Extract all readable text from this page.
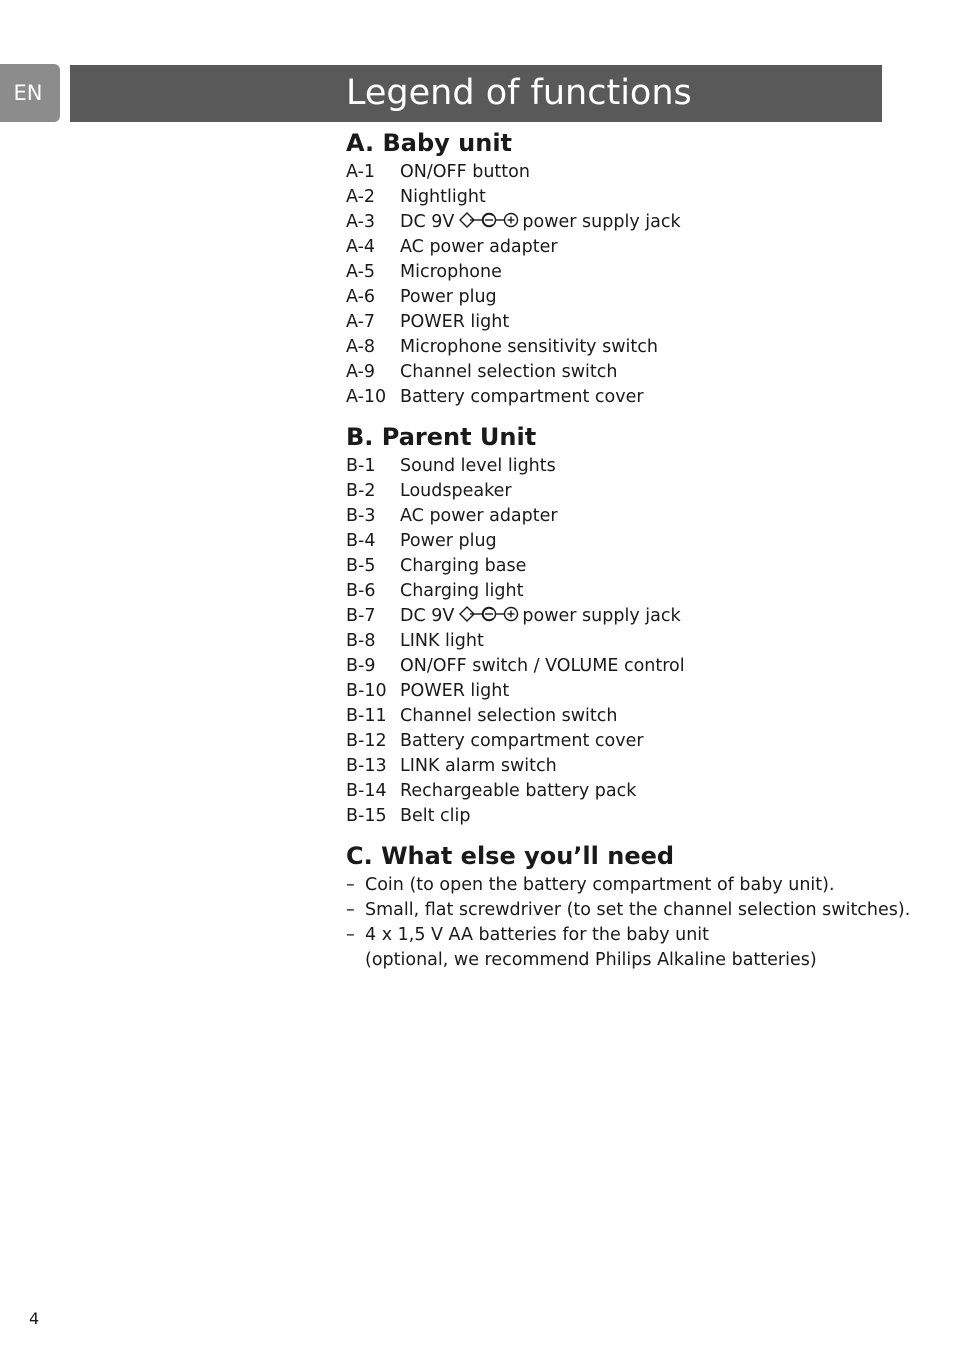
EN	Legend of functions
A. Baby unit
A-1 ON/OFF button
A-2 Nightlight
A-3 DC 9V	power supply jack
A-4 AC power adapter
A-5 Microphone
A-6 Power plug
A-7 POWER light
A-8 Microphone sensitivity switch
A-9 Channel selection switch
A-10 Battery compartment cover
B. Parent Unit
B-1 Sound level lights
B-2 Loudspeaker
B-3 AC power adapter
B-4 Power plug
B-5 Charging base
B-6 Charging light
B-7 DC 9V	power supply jack
B-8 LINK light
B-9 ON/OFF switch / VOLUME control
B-10 POWER light
B-11 Channel selection switch
B-12 Battery compartment cover
B-13 LINK alarm switch
B-14 Rechargeable battery pack
B-15 Belt clip
C. What else you’ll need
– Coin (to open the battery compartment of baby unit).
– Small, flat screwdriver (to set the channel selection switches).
– 4 x 1,5 V AA batteries for the baby unit
(optional, we recommend Philips Alkaline batteries)
4
